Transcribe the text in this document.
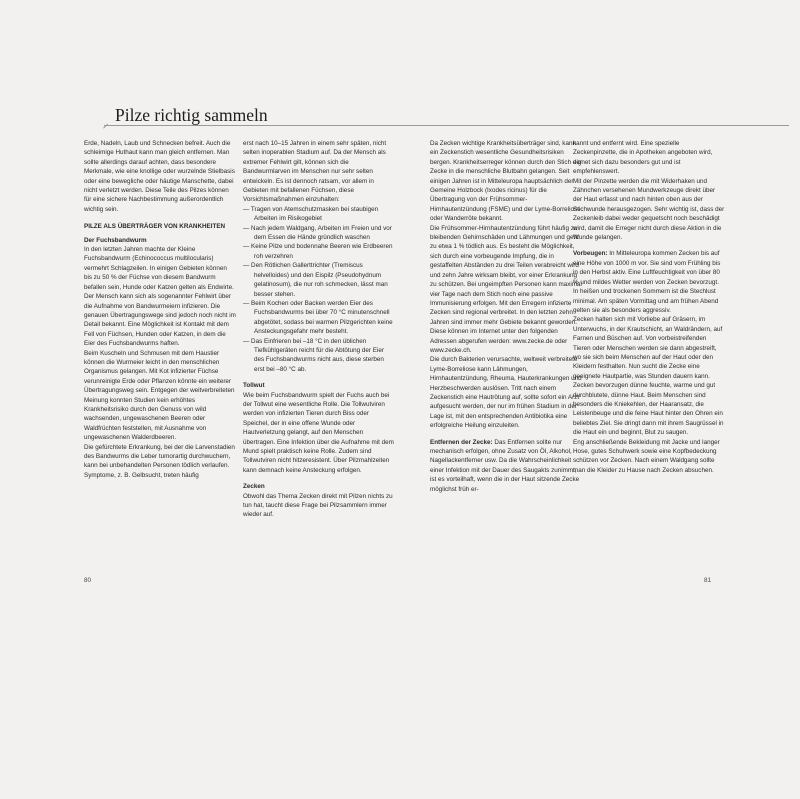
Pilze richtig sammeln

Erde, Nadeln, Laub und Schnecken befreit. Auch die schleimige Huthaut kann man gleich entfernen. Man sollte allerdings darauf achten, dass besondere Merkmale, wie eine knollige oder wurzelnde Stielbasis oder eine bewegliche oder häutige Manschette, dabei nicht verletzt werden. Diese Teile des Pilzes können für eine sichere Nachbestimmung außerordentlich wichtig sein.

PILZE ALS ÜBERTRÄGER VON KRANKHEITEN
Der Fuchsbandwurm

In den letzten Jahren machte der Kleine Fuchsbandwurm (Echinococcus multilocularis) vermehrt Schlagzeilen. In einigen Gebieten können bis zu 50 % der Füchse von diesem Bandwurm befallen sein, Hunde oder Katzen gelten als Endwirte. Der Mensch kann sich als sogenannter Fehlwirt über die Aufnahme von Bandwurmeiern infizieren. Die genauen Übertragungswege sind jedoch noch nicht im Detail bekannt. Eine Möglichkeit ist Kontakt mit dem Fell von Füchsen, Hunden oder Katzen, in dem die Eier des Fuchsbandwurms haften.

Beim Kuscheln und Schmusen mit dem Haustier können die Wurmeier leicht in den menschlichen Organismus gelangen. Mit Kot infizierter Füchse verunreinigte Erde oder Pflanzen könnte ein weiterer Übertragungsweg sein. Entgegen der weitverbreiteten Meinung konnten Studien kein erhöhtes Krankheitsrisiko durch den Genuss von wild wachsenden, ungewaschenen Beeren oder Waldfrüchten feststellen, mit Ausnahme von ungewaschenen Walderdbeeren.

Die gefürchtete Erkrankung, bei der die Larvenstadien des Bandwurms die Leber tumorartig durchwuchern, kann bei unbehandelten Personen tödlich verlaufen. Symptome, z. B. Gelbsucht, treten häufig

erst nach 10–15 Jahren in einem sehr späten, nicht selten inoperablen Stadium auf. Da der Mensch als extremer Fehlwirt gilt, können sich die Bandwurmlarven im Menschen nur sehr selten entwickeln. Es ist dennoch ratsam, vor allem in Gebieten mit befallenen Füchsen, diese Vorsichtsmaßnahmen einzuhalten:

— Tragen von Atemschutzmasken bei staubigen Arbeiten im Risikogebiet

— Nach jedem Waldgang, Arbeiten im Freien und vor dem Essen die Hände gründlich waschen

— Keine Pilze und bodennahe Beeren wie Erdbeeren roh verzehren

— Den Rötlichen Gallerttrichter (Tremiscus helvelloides) und den Eispilz (Pseudohydnum gelatinosum), die nur roh schmecken, lässt man besser stehen.

— Beim Kochen oder Backen werden Eier des Fuchsbandwurms bei über 70 °C minutenschnell abgetötet, sodass bei warmen Pilzgerichten keine Ansteckungsgefahr mehr besteht.

— Das Einfrieren bei –18 °C in den üblichen Tiefkühlgeräten reicht für die Abtötung der Eier des Fuchsbandwurms nicht aus, diese sterben erst bei –80 °C ab.

Tollwut

Wie beim Fuchsbandwurm spielt der Fuchs auch bei der Tollwut eine wesentliche Rolle. Die Tollwutviren werden von infizierten Tieren durch Biss oder Speichel, der in eine offene Wunde oder Hautverletzung gelangt, auf den Menschen übertragen. Eine Infektion über die Aufnahme mit dem Mund spielt praktisch keine Rolle. Zudem sind Tollwutviren nicht hitzeresistent. Über Pilzmahlzeiten kann demnach keine Ansteckung erfolgen.

Zecken

Obwohl das Thema Zecken direkt mit Pilzen nichts zu tun hat, taucht diese Frage bei Pilzsammlern immer wieder auf.

Da Zecken wichtige Krankheitsüberträger sind, kann ein Zeckenstich wesentliche Gesundheitsrisiken bergen. Krankheitserreger können durch den Stich der Zecke in die menschliche Blutbahn gelangen. Seit einigen Jahren ist in Mitteleuropa hauptsächlich der Gemeine Holzbock (Ixodes ricinus) für die Übertragung von der Frühsommer-Hirnhautentzündung (FSME) und der Lyme-Borreliose oder Wanderröte bekannt.

Die Frühsommer-Hirnhautentzündung führt häufig zu bleibenden Gehirnschäden und Lähmungen und geht zu etwa 1 % tödlich aus. Es besteht die Möglichkeit, sich durch eine vorbeugende Impfung, die in gestaffelten Abständen zu drei Teilen verabreicht wird und zehn Jahre wirksam bleibt, vor einer Erkrankung zu schützen. Bei ungeimpften Personen kann maximal vier Tage nach dem Stich noch eine passive Immunisierung erfolgen. Mit den Erregern infizierte Zecken sind regional verbreitet. In den letzten zehn Jahren sind immer mehr Gebiete bekannt geworden. Diese können im Internet unter den folgenden Adressen abgerufen werden: www.zecke.de oder www.zecke.ch.

Die durch Bakterien verursachte, weltweit verbreitete Lyme-Borreliose kann Lähmungen, Hirnhautentzündung, Rheuma, Hauterkrankungen und Herzbeschwerden auslösen. Tritt nach einem Zeckenstich eine Hautrötung auf, sollte sofort ein Arzt aufgesucht werden, der nur im frühen Stadium in der Lage ist, mit den entsprechenden Antibiotika eine erfolgreiche Heilung einzuleiten.

Entfernen der Zecke: Das Entfernen sollte nur mechanisch erfolgen, ohne Zusatz von Öl, Alkohol, Nagellackentferner usw. Da die Wahrscheinlichkeit einer Infektion mit der Dauer des Saugakts zunimmt, ist es vorteilhaft, wenn die in der Haut sitzende Zecke möglichst früh er-

kannt und entfernt wird. Eine spezielle Zeckenpinzette, die in Apotheken angeboten wird, eignet sich dazu besonders gut und ist empfehlenswert.

Mit der Pinzette werden die mit Widerhaken und Zähnchen versehenen Mundwerkzeuge direkt über der Haut erfasst und nach hinten oben aus der Stichwunde herausgezogen. Sehr wichtig ist, dass der Zeckenleib dabei weder gequetscht noch beschädigt wird, damit die Erreger nicht durch diese Aktion in die Wunde gelangen.

Vorbeugen: In Mitteleuropa kommen Zecken bis auf eine Höhe von 1000 m vor. Sie sind vom Frühling bis in den Herbst aktiv. Eine Luftfeuchtigkeit von über 80 % und mildes Wetter werden von Zecken bevorzugt. In heißen und trockenen Sommern ist die Stechlust minimal. Am späten Vormittag und am frühen Abend gelten sie als besonders aggressiv.

Zecken halten sich mit Vorliebe auf Gräsern, im Unterwuchs, in der Krautschicht, an Waldrändern, auf Farnen und Büschen auf. Von vorbeistreifenden Tieren oder Menschen werden sie dann abgestreift, wo sie sich beim Menschen auf der Haut oder den Kleidern festhalten. Nun sucht die Zecke eine geeignete Hautpartie, was Stunden dauern kann. Zecken bevorzugen dünne feuchte, warme und gut durchblutete, dünne Haut. Beim Menschen sind besonders die Kniekehlen, der Haaransatz, die Leistenbeuge und die feine Haut hinter den Ohren ein beliebtes Ziel. Sie dringt dann mit ihrem Saugrüssel in die Haut ein und beginnt, Blut zu saugen.

Eng anschließende Bekleidung mit Jacke und langer Hose, gutes Schuhwerk sowie eine Kopfbedeckung schützen vor Zecken. Nach einem Waldgang sollte man die Kleider zu Hause nach Zecken absuchen.

80	81
